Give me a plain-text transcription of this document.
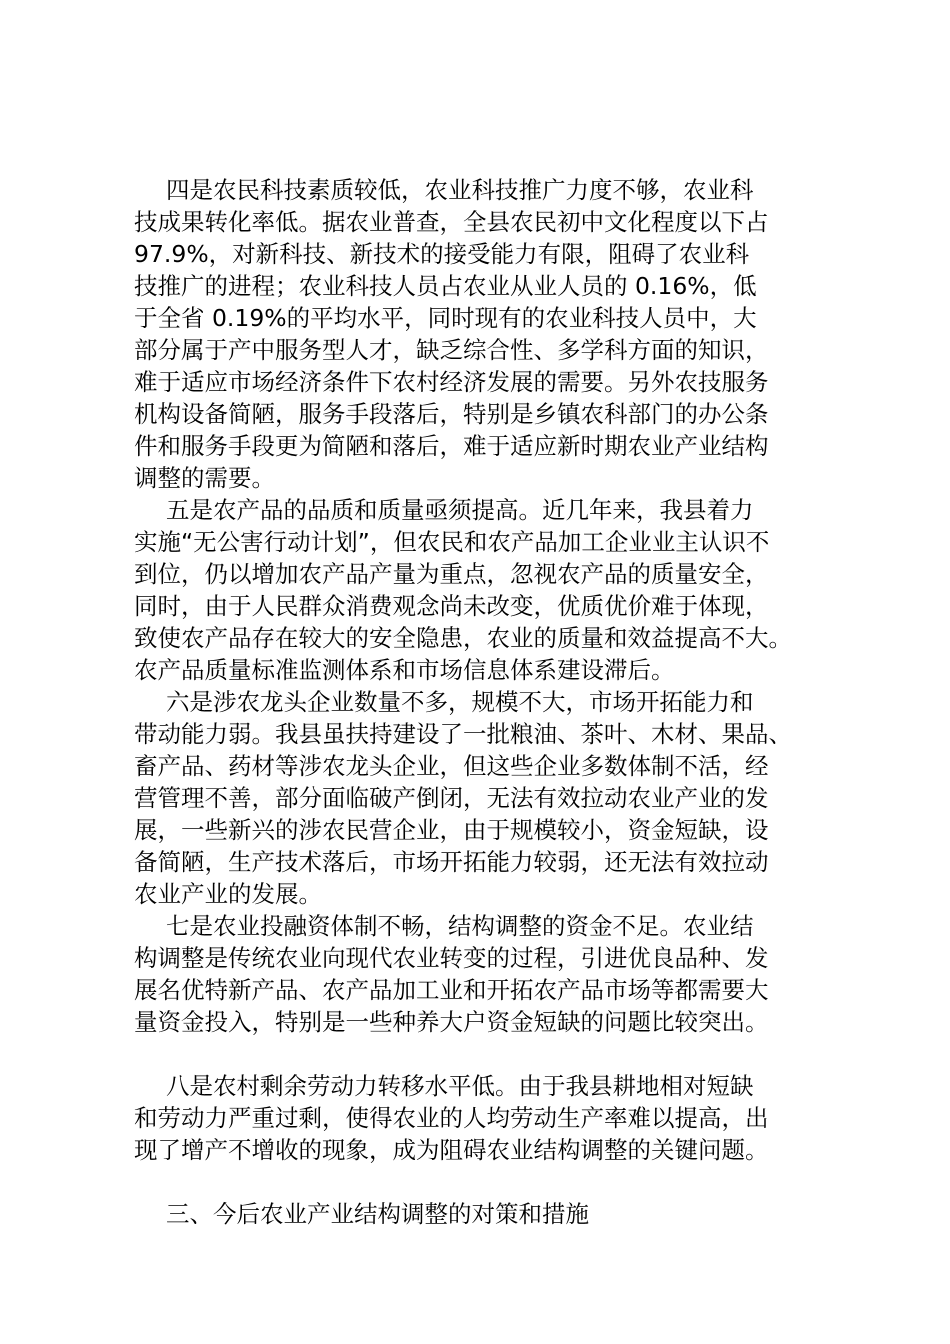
四是农民科技素质较低，农业科技推广力度不够，农业科
技成果转化率低。据农业普查，全县农民初中文化程度以下占
97.9%，对新科技、新技术的接受能力有限，阻碍了农业科
技推广的进程；农业科技人员占农业从业人员的 0.16%，低
于全省 0.19%的平均水平，同时现有的农业科技人员中，大
部分属于产中服务型人才，缺乏综合性、多学科方面的知识，
难于适应市场经济条件下农村经济发展的需要。另外农技服务
机构设备简陋，服务手段落后，特别是乡镇农科部门的办公条
件和服务手段更为简陋和落后，难于适应新时期农业产业结构
调整的需要。
五是农产品的品质和质量亟须提高。近几年来，我县着力
实施“无公害行动计划”，但农民和农产品加工企业业主认识不
到位，仍以增加农产品产量为重点，忽视农产品的质量安全，
同时，由于人民群众消费观念尚未改变，优质优价难于体现，
致使农产品存在较大的安全隐患，农业的质量和效益提高不大。
农产品质量标准监测体系和市场信息体系建设滞后。
六是涉农龙头企业数量不多，规模不大，市场开拓能力和
带动能力弱。我县虽扶持建设了一批粮油、茶叶、木材、果品、
畜产品、药材等涉农龙头企业，但这些企业多数体制不活，经
营管理不善，部分面临破产倒闭，无法有效拉动农业产业的发
展，一些新兴的涉农民营企业，由于规模较小，资金短缺，设
备简陋，生产技术落后，市场开拓能力较弱，还无法有效拉动
农业产业的发展。
七是农业投融资体制不畅，结构调整的资金不足。农业结
构调整是传统农业向现代农业转变的过程，引进优良品种、发
展名优特新产品、农产品加工业和开拓农产品市场等都需要大
量资金投入，特别是一些种养大户资金短缺的问题比较突出。
八是农村剩余劳动力转移水平低。由于我县耕地相对短缺
和劳动力严重过剩，使得农业的人均劳动生产率难以提高，出
现了增产不增收的现象，成为阻碍农业结构调整的关键问题。
三、今后农业产业结构调整的对策和措施
